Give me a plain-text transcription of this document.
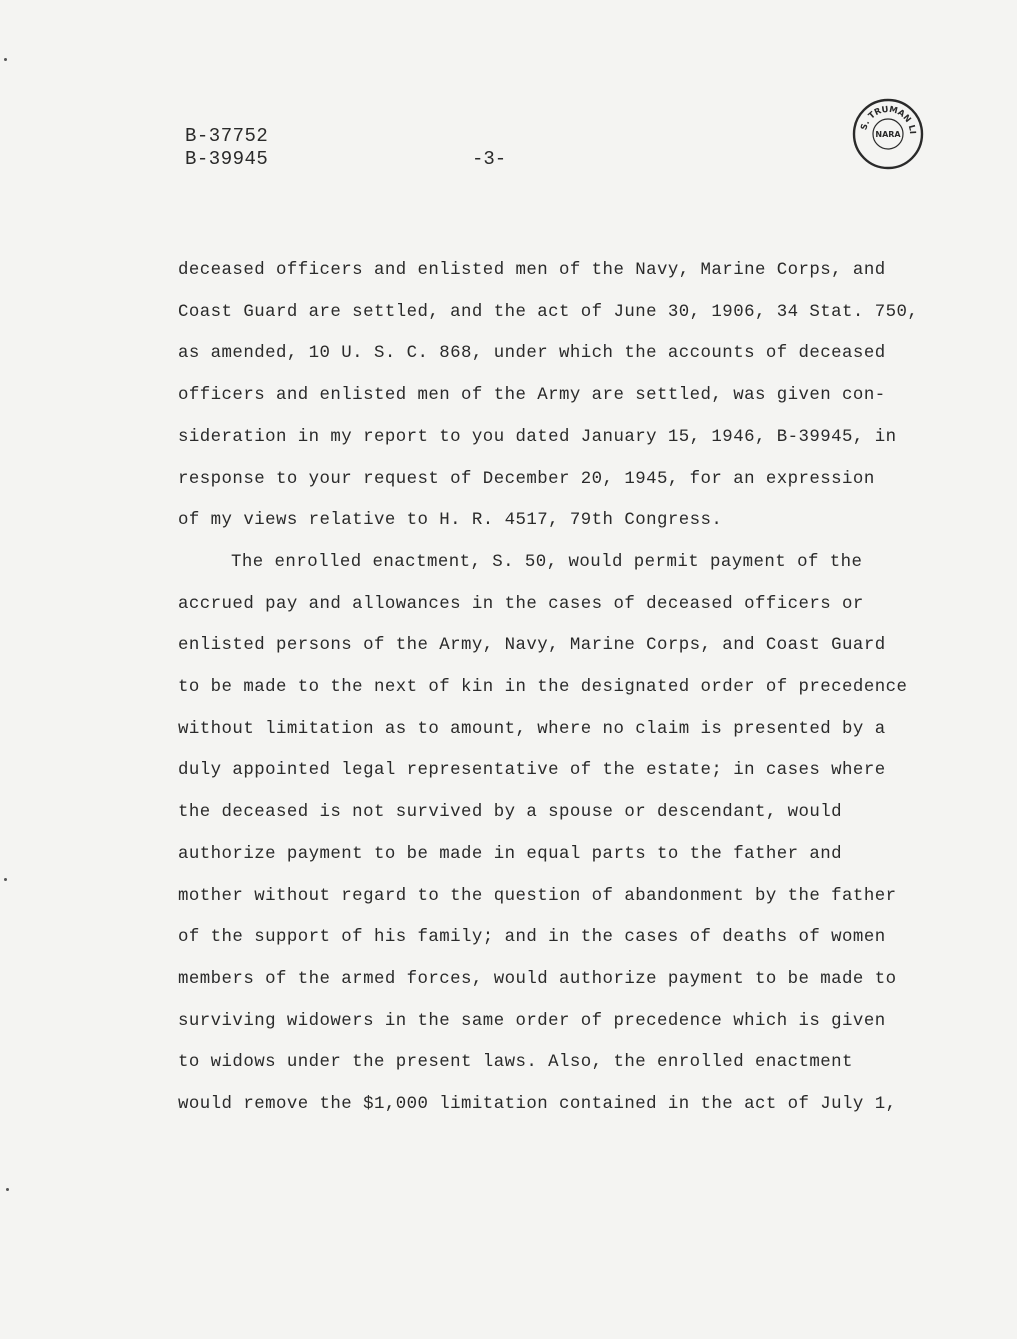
B-37752
B-39945	-3-
S. TRUMAN LI
NARA
deceased officers and enlisted men of the Navy, Marine Corps, and
Coast Guard are settled, and the act of June 30, 1906, 34 Stat. 750,
as amended, 10 U. S. C. 868, under which the accounts of deceased
officers and enlisted men of the Army are settled, was given con-
sideration in my report to you dated January 15, 1946, B-39945, in
response to your request of December 20, 1945, for an expression
of my views relative to H. R. 4517, 79th Congress.
The enrolled enactment, S. 50, would permit payment of the
accrued pay and allowances in the cases of deceased officers or
enlisted persons of the Army, Navy, Marine Corps, and Coast Guard
to be made to the next of kin in the designated order of precedence
without limitation as to amount, where no claim is presented by a
duly appointed legal representative of the estate; in cases where
the deceased is not survived by a spouse or descendant, would
authorize payment to be made in equal parts to the father and
mother without regard to the question of abandonment by the father
of the support of his family; and in the cases of deaths of women
members of the armed forces, would authorize payment to be made to
surviving widowers in the same order of precedence which is given
to widows under the present laws. Also, the enrolled enactment
would remove the $1,000 limitation contained in the act of July 1,
